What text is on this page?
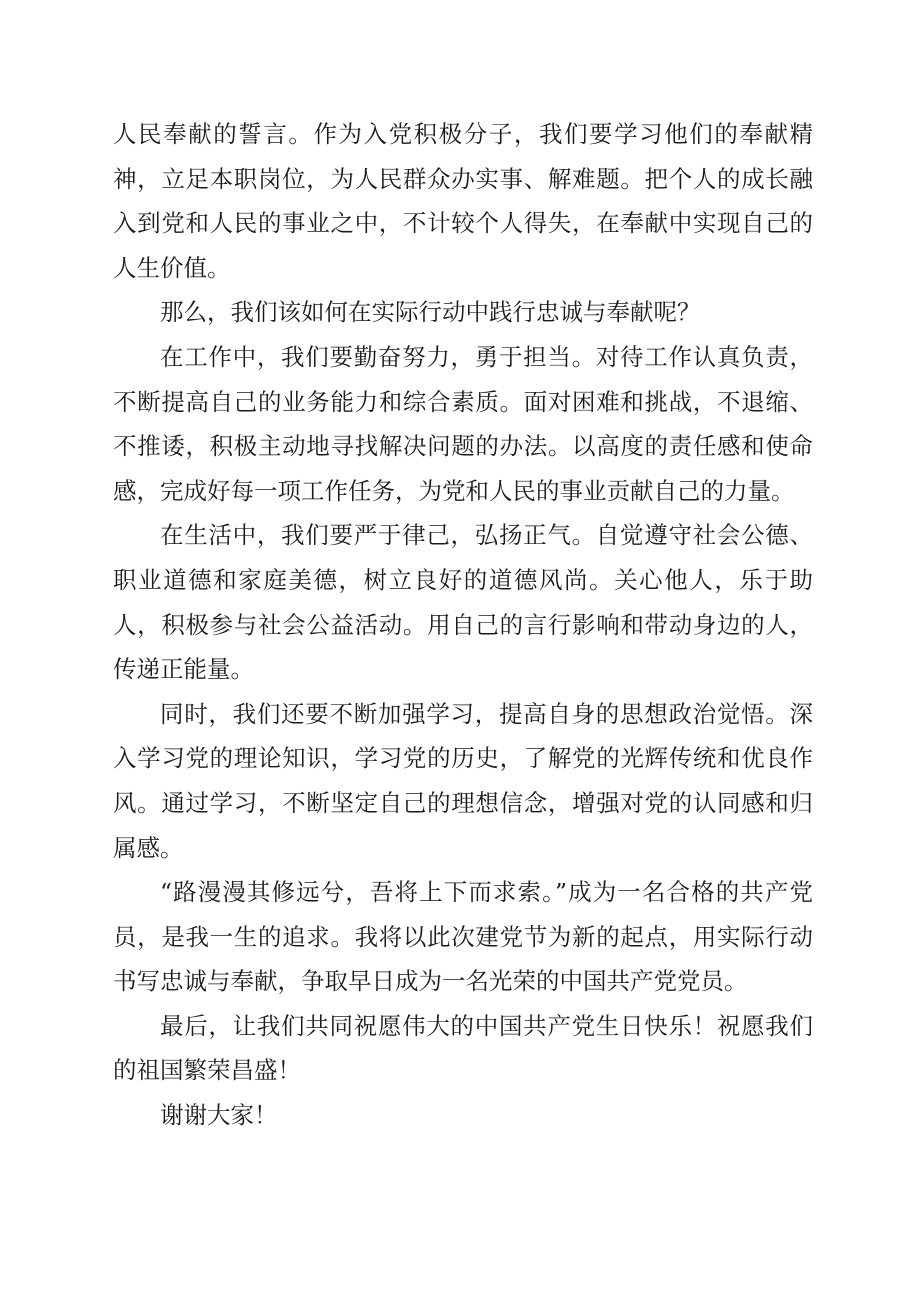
人民奉献的誓言。作为入党积极分子，我们要学习他们的奉献精神，立足本职岗位，为人民群众办实事、解难题。把个人的成长融入到党和人民的事业之中，不计较个人得失，在奉献中实现自己的人生价值。

那么，我们该如何在实际行动中践行忠诚与奉献呢？

在工作中，我们要勤奋努力，勇于担当。对待工作认真负责，不断提高自己的业务能力和综合素质。面对困难和挑战，不退缩、不推诿，积极主动地寻找解决问题的办法。以高度的责任感和使命感，完成好每一项工作任务，为党和人民的事业贡献自己的力量。

在生活中，我们要严于律己，弘扬正气。自觉遵守社会公德、职业道德和家庭美德，树立良好的道德风尚。关心他人，乐于助人，积极参与社会公益活动。用自己的言行影响和带动身边的人，传递正能量。

同时，我们还要不断加强学习，提高自身的思想政治觉悟。深入学习党的理论知识，学习党的历史，了解党的光辉传统和优良作风。通过学习，不断坚定自己的理想信念，增强对党的认同感和归属感。

“路漫漫其修远兮，吾将上下而求索。”成为一名合格的共产党员，是我一生的追求。我将以此次建党节为新的起点，用实际行动书写忠诚与奉献，争取早日成为一名光荣的中国共产党党员。

最后，让我们共同祝愿伟大的中国共产党生日快乐！祝愿我们的祖国繁荣昌盛！

谢谢大家！
